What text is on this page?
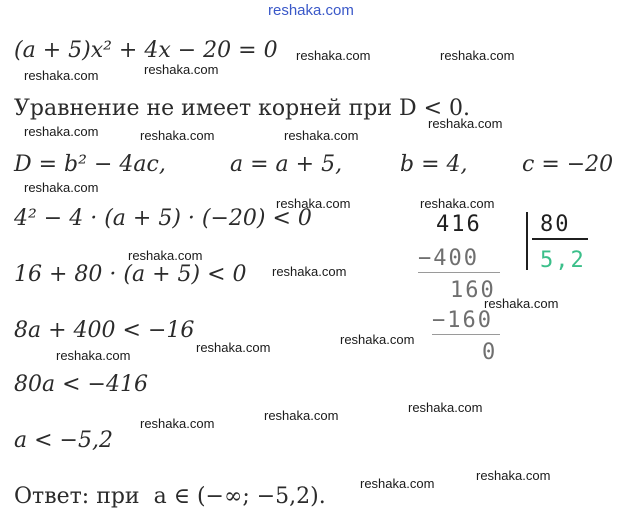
reshaka.com
(a + 5)x² + 4x − 20 = 0
Уравнение не имеет корней при D < 0.
D = b² − 4ac,	a = a + 5,	b = 4, c = −20
4² − 4 · (a + 5) · (−20) < 0
16 + 80 · (a + 5) < 0
8a + 400 < −16
80a < −416
a < −5,2
Ответ: при  a ∈ (−∞; −5,2).
416	80
5,2
−400
160
−160
0
reshaka.com	reshaka.com
reshaka.com
reshaka.com
reshaka.com
reshaka.com	reshaka.com	reshaka.com
reshaka.com
reshaka.com	reshaka.com
reshaka.com
reshaka.com
reshaka.com
reshaka.com
reshaka.com
reshaka.com
reshaka.com
reshaka.com
reshaka.com
reshaka.com
reshaka.com
